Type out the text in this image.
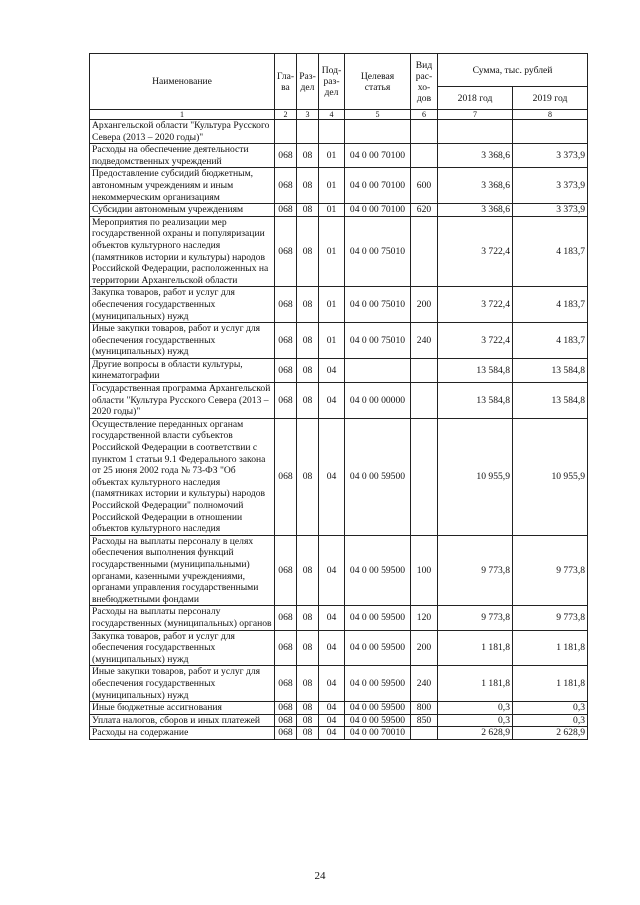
Наименование	Гла-ва	Раз-дел	Под-раз-дел	Целевая статья	Вид рас-хо-дов	Сумма, тыс. рублей	
						2018 год	2019 год
1	2	3	4	5	6	7	8
Архангельской области "Культура Русского Севера (2013 – 2020 годы)"							
Расходы на обеспечение деятельности подведомственных учреждений	068	08	01	04 0 00 70100		3 368,6	3 373,9
Предоставление субсидий бюджетным, автономным учреждениям и иным некоммерческим организациям	068	08	01	04 0 00 70100	600	3 368,6	3 373,9
Субсидии автономным учреждениям	068	08	01	04 0 00 70100	620	3 368,6	3 373,9
Мероприятия по реализации мер государственной охраны и популяризации объектов культурного наследия (памятников истории и культуры) народов Российской Федерации, расположенных на территории Архангельской области	068	08	01	04 0 00 75010		3 722,4	4 183,7
Закупка товаров, работ и услуг для обеспечения государственных (муниципальных) нужд	068	08	01	04 0 00 75010	200	3 722,4	4 183,7
Иные закупки товаров, работ и услуг для обеспечения государственных (муниципальных) нужд	068	08	01	04 0 00 75010	240	3 722,4	4 183,7
Другие вопросы в области культуры, кинематографии	068	08	04			13 584,8	13 584,8
Государственная программа Архангельской области "Культура Русского Севера (2013 – 2020 годы)"	068	08	04	04 0 00 00000		13 584,8	13 584,8
Осуществление переданных органам государственной власти субъектов Российской Федерации в соответствии с пунктом 1 статьи 9.1 Федерального закона от 25 июня 2002 года № 73-ФЗ "Об объектах культурного наследия (памятниках истории и культуры) народов Российской Федерации" полномочий Российской Федерации в отношении объектов культурного наследия	068	08	04	04 0 00 59500		10 955,9	10 955,9
Расходы на выплаты персоналу в целях обеспечения выполнения функций государственными (муниципальными) органами, казенными учреждениями, органами управления государственными внебюджетными фондами	068	08	04	04 0 00 59500	100	9 773,8	9 773,8
Расходы на выплаты персоналу государственных (муниципальных) органов	068	08	04	04 0 00 59500	120	9 773,8	9 773,8
Закупка товаров, работ и услуг для обеспечения государственных (муниципальных) нужд	068	08	04	04 0 00 59500	200	1 181,8	1 181,8
Иные закупки товаров, работ и услуг для обеспечения государственных (муниципальных) нужд	068	08	04	04 0 00 59500	240	1 181,8	1 181,8
Иные бюджетные ассигнования	068	08	04	04 0 00 59500	800	0,3	0,3
Уплата налогов, сборов и иных платежей	068	08	04	04 0 00 59500	850	0,3	0,3
Расходы на содержание	068	08	04	04 0 00 70010		2 628,9	2 628,9
24
